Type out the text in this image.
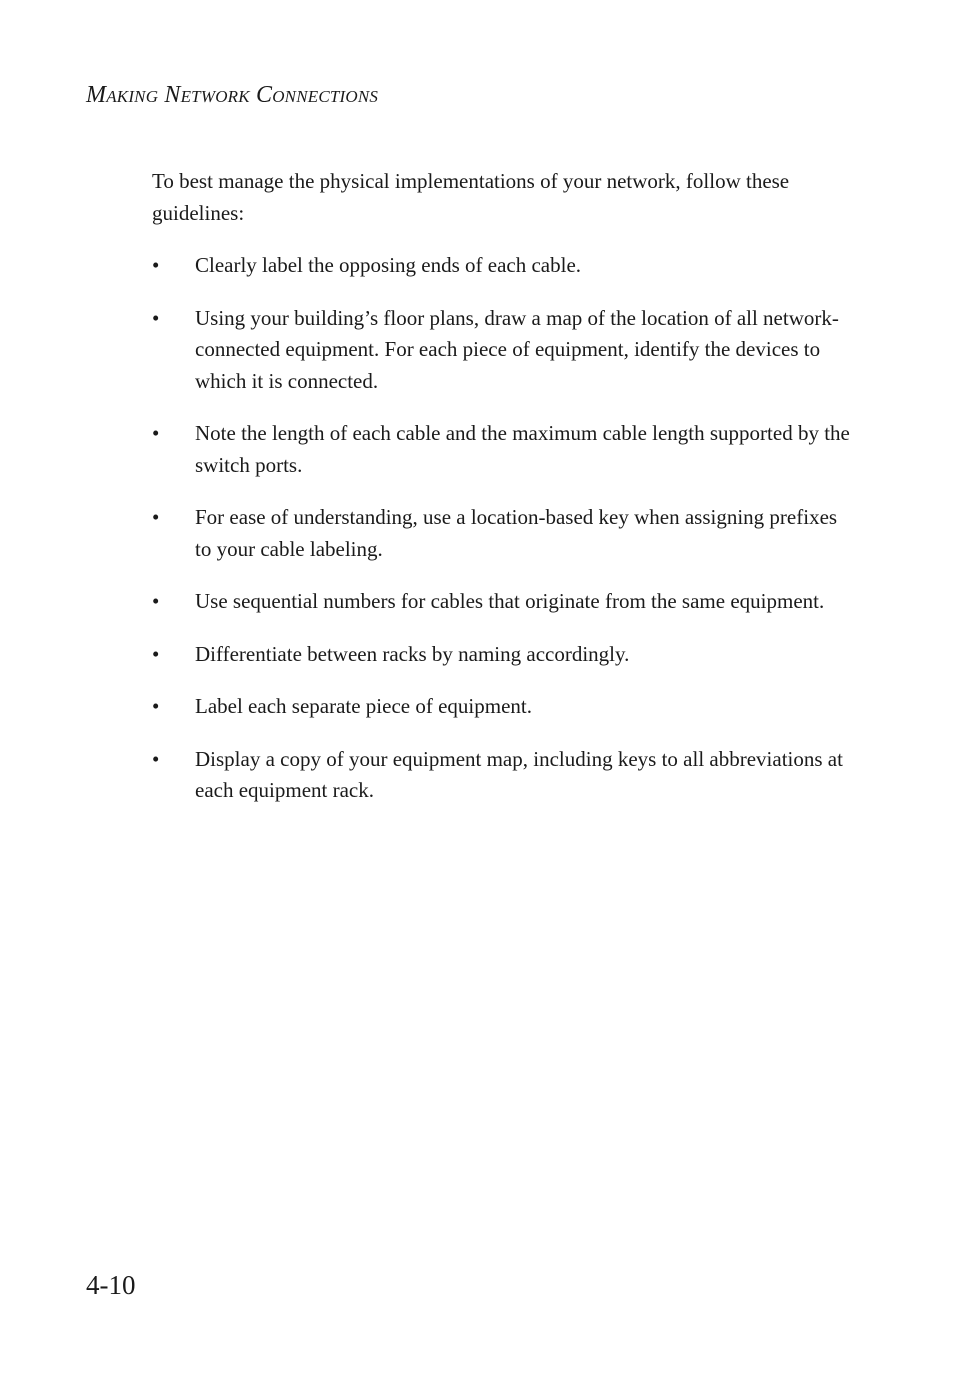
Making Network Connections

To best manage the physical implementations of your network, follow these guidelines:

• Clearly label the opposing ends of each cable.
• Using your building’s floor plans, draw a map of the location of all network-connected equipment. For each piece of equipment, identify the devices to which it is connected.
• Note the length of each cable and the maximum cable length supported by the switch ports.
• For ease of understanding, use a location-based key when assigning prefixes to your cable labeling.
• Use sequential numbers for cables that originate from the same equipment.
• Differentiate between racks by naming accordingly.
• Label each separate piece of equipment.
• Display a copy of your equipment map, including keys to all abbreviations at each equipment rack.
4-10
